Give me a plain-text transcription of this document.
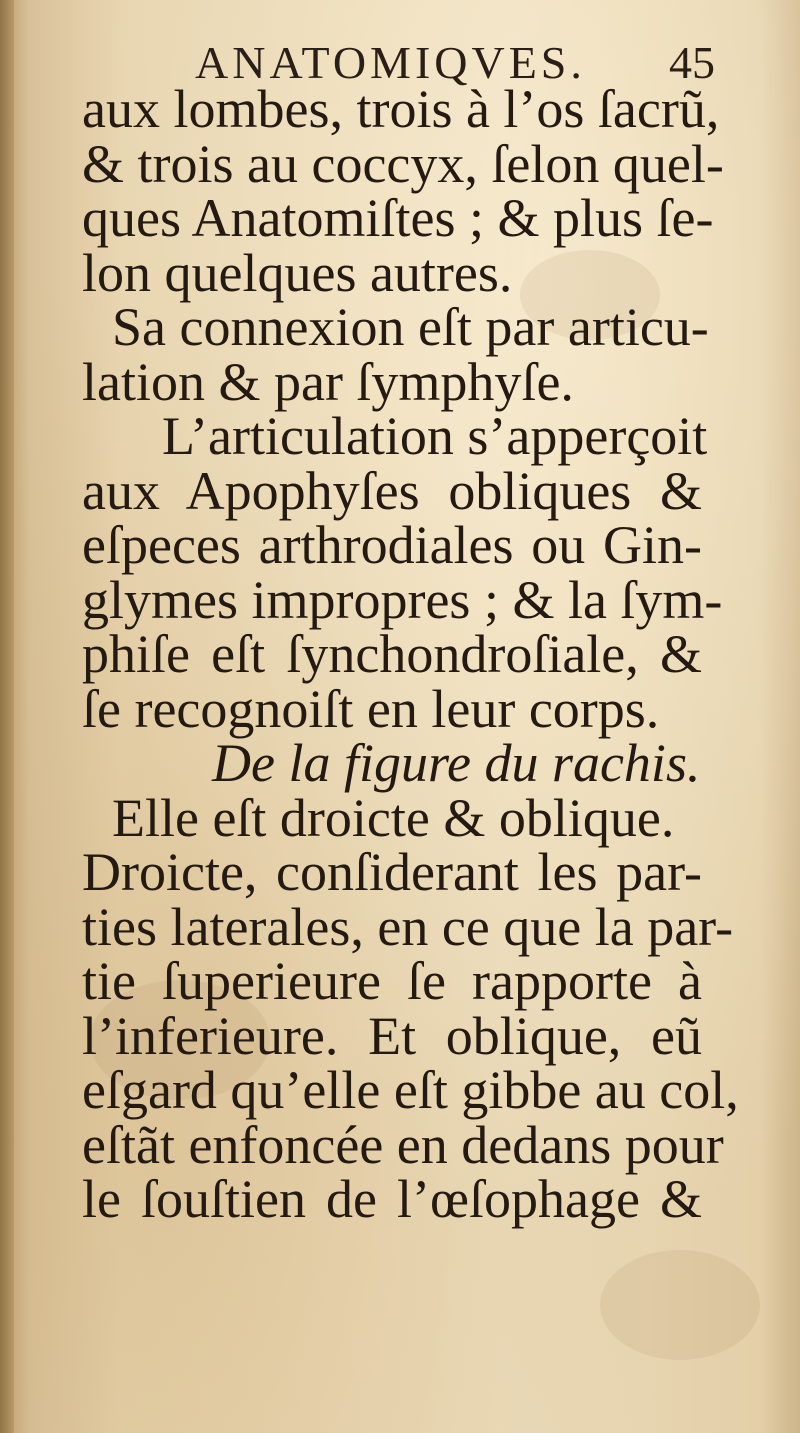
ANATOMIQVES. 45
aux lombes, trois à l’os ſacrũ,
& trois au coccyx, ſelon quel-
ques Anatomiſtes ; & plus ſe-
lon quelques autres.
Sa connexion eſt par articu-
lation & par ſymphyſe.
L’articulation s’apperçoit
aux Apophyſes obliques &
eſpeces arthrodiales ou Gin-
glymes impropres ; & la ſym-
phiſe eſt ſynchondroſiale, &
ſe recognoiſt en leur corps.
De la figure du rachis.
Elle eſt droicte & oblique.
Droicte, conſiderant les par-
ties laterales, en ce que la par-
tie ſuperieure ſe rapporte à
l’inferieure. Et oblique, eũ
eſgard qu’elle eſt gibbe au col,
eſtãt enfoncée en dedans pour
le ſouſtien de l’œſophage &
